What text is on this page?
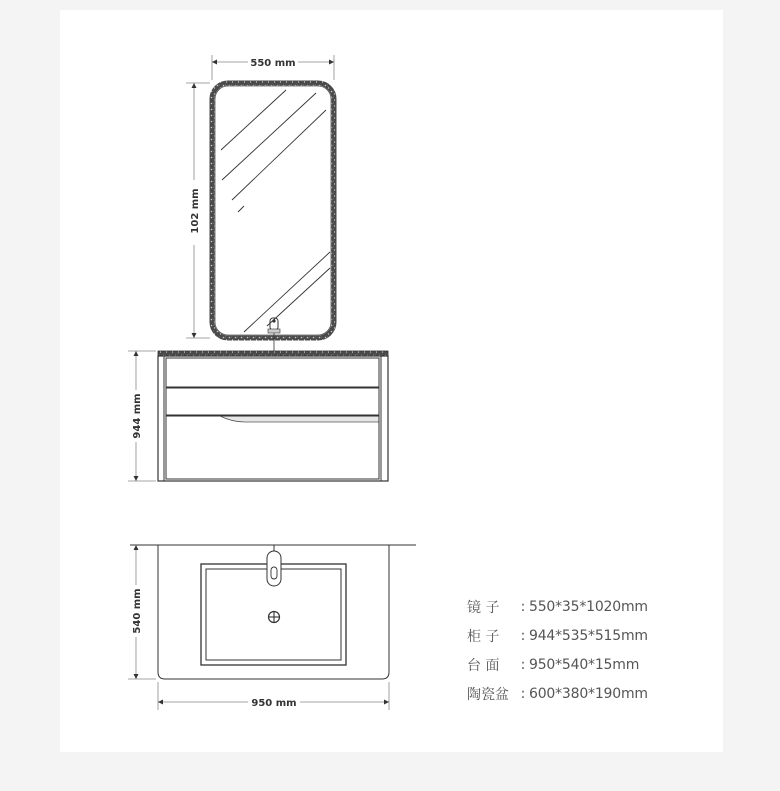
550 mm
102 mm
944 mm
540 mm
950 mm
镜 子	: 550*35*1020mm
柜 子	: 944*535*515mm
台 面	: 950*540*15mm
陶瓷盆 : 600*380*190mm
